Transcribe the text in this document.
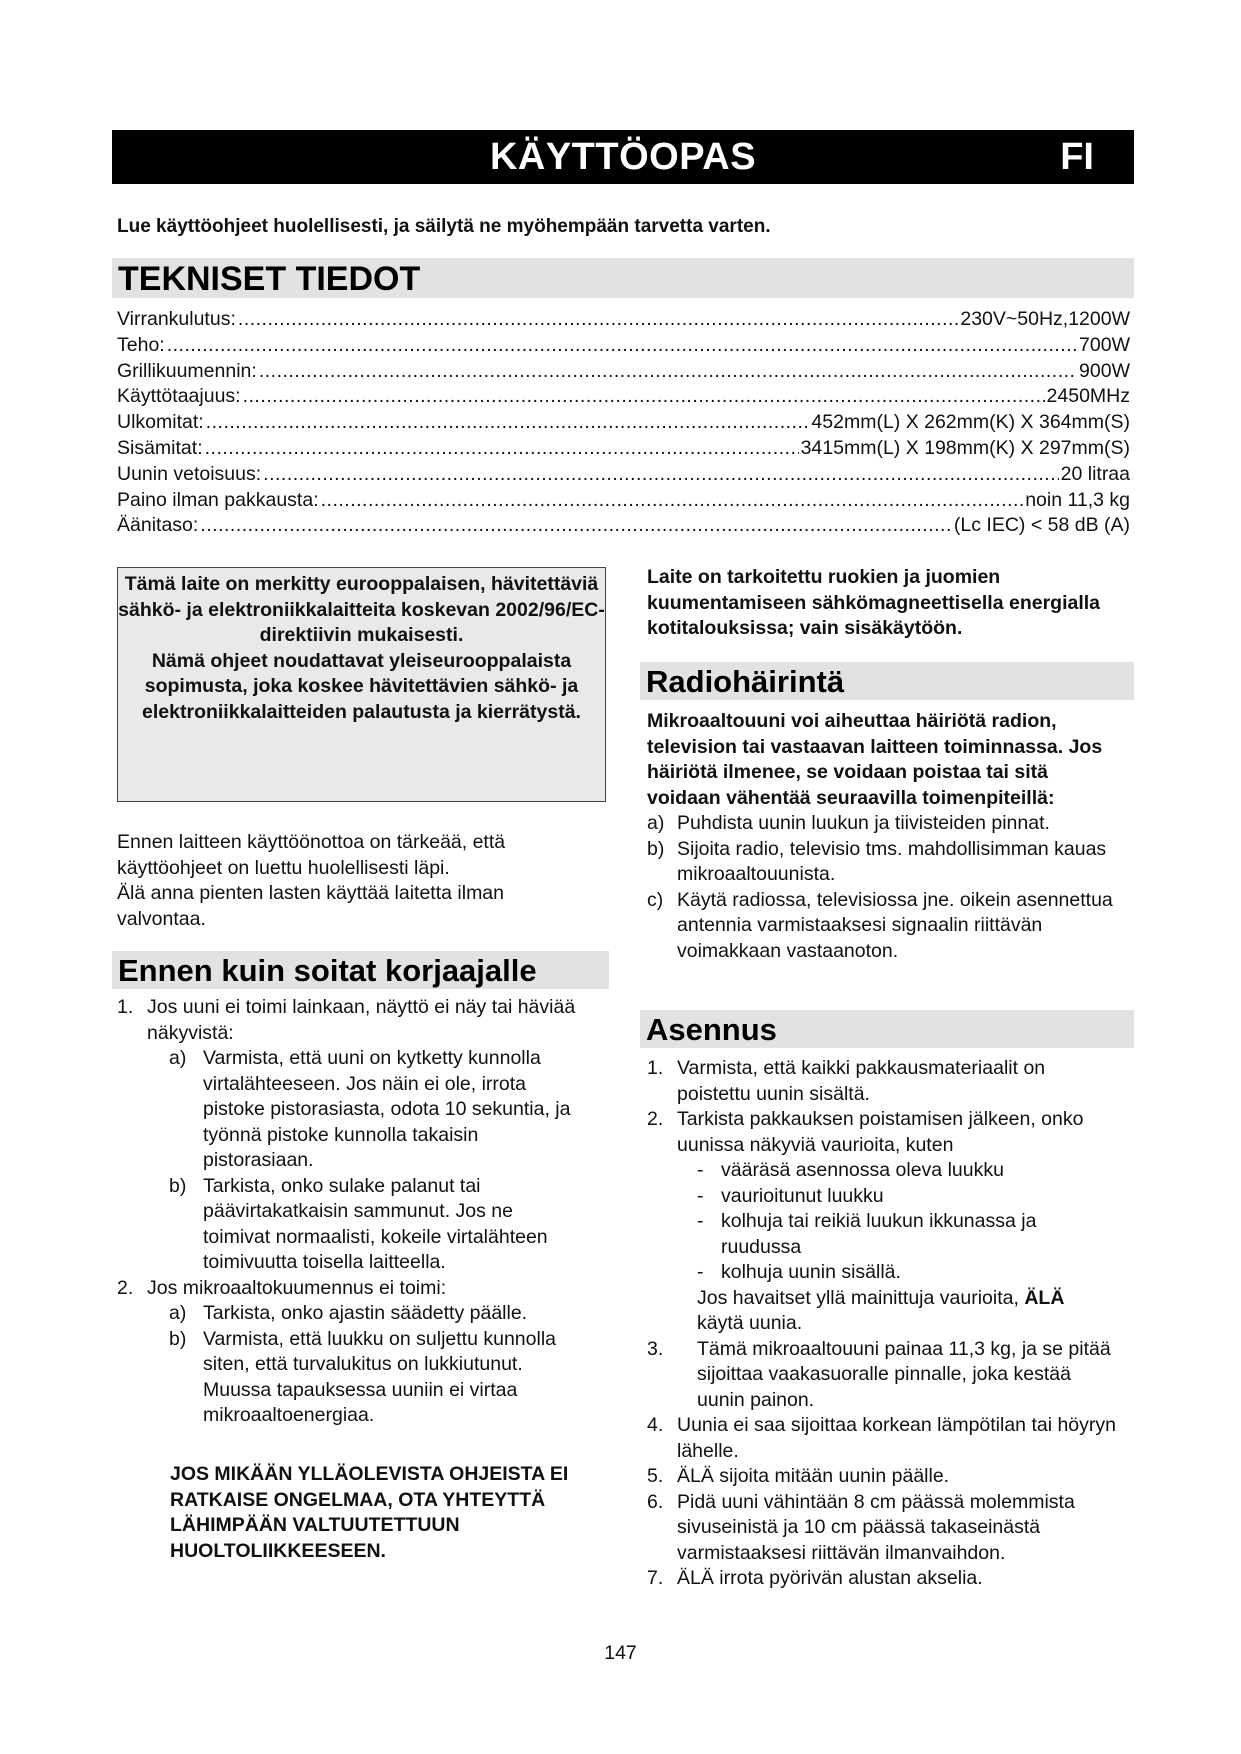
KÄYTTÖOPAS	FI
Lue käyttöohjeet huolellisesti, ja säilytä ne myöhempään tarvetta varten.
TEKNISET TIEDOT
Virrankulutus: .....	230V~50Hz,1200W
Teho: .....	700W
Grillikuumennin: .....	900W
Käyttötaajuus: .....	2450MHz
Ulkomitat: .....	452mm(L) X 262mm(K) X 364mm(S)
Sisämitat: .....	3415mm(L) X 198mm(K) X 297mm(S)
Uunin vetoisuus: .....	20 litraa
Paino ilman pakkausta: .....	noin 11,3 kg
Äänitaso: .....	(Lc IEC) < 58 dB (A)

Tämä laite on merkitty eurooppalaisen, hävitettäviä sähkö- ja elektroniikkalaitteita koskevan 2002/96/EC-direktiivin mukaisesti.

Nämä ohjeet noudattavat yleiseurooppalaista sopimusta, joka koskee hävitettävien sähkö- ja elektroniikkalaitteiden palautusta ja kierrätystä.

Ennen laitteen käyttöönottoa on tärkeää, että käyttöohjeet on luettu huolellisesti läpi.
Älä anna pienten lasten käyttää laitetta ilman valvontaa.
Ennen kuin soitat korjaajalle
1. Jos uuni ei toimi lainkaan, näyttö ei näy tai häviää näkyvistä:
a) Varmista, että uuni on kytketty kunnolla virtalähteeseen. Jos näin ei ole, irrota pistoke pistorasiasta, odota 10 sekuntia, ja työnnä pistoke kunnolla takaisin pistorasiaan.
b) Tarkista, onko sulake palanut tai päävirtakatkaisin sammunut. Jos ne toimivat normaalisti, kokeile virtalähteen toimivuutta toisella laitteella.
2. Jos mikroaaltokuumennus ei toimi:
a) Tarkista, onko ajastin säädetty päälle.
b) Varmista, että luukku on suljettu kunnolla siten, että turvalukitus on lukkiutunut. Muussa tapauksessa uuniin ei virtaa mikroaaltoenergiaa.
JOS MIKÄÄN YLLÄOLEVISTA OHJEISTA EI RATKAISE ONGELMAA, OTA YHTEYTTÄ LÄHIMPÄÄN VALTUUTETTUUN HUOLTOLIIKKEESEEN.
Laite on tarkoitettu ruokien ja juomien kuumentamiseen sähkömagneettisella energialla kotitalouksissa; vain sisäkäytöön.
Radiohäirintä
Mikroaaltouuni voi aiheuttaa häiriötä radion, television tai vastaavan laitteen toiminnassa. Jos häiriötä ilmenee, se voidaan poistaa tai sitä voidaan vähentää seuraavilla toimenpiteillä:
a) Puhdista uunin luukun ja tiivisteiden pinnat.
b) Sijoita radio, televisio tms. mahdollisimman kauas mikroaaltouunista.
c) Käytä radiossa, televisiossa jne. oikein asennettua antennia varmistaaksesi signaalin riittävän voimakkaan vastaanoton.
Asennus
1. Varmista, että kaikki pakkausmateriaalit on poistettu uunin sisältä.
2. Tarkista pakkauksen poistamisen jälkeen, onko uunissa näkyviä vaurioita, kuten
- vääräsä asennossa oleva luukku
- vaurioitunut luukku
- kolhuja tai reikiä luukun ikkunassa ja ruudussa
- kolhuja uunin sisällä.
Jos havaitset yllä mainittuja vaurioita, ÄLÄ käytä uunia.
3.	Tämä mikroaaltouuni painaa 11,3 kg, ja se pitää sijoittaa vaakasuoralle pinnalle, joka kestää uunin painon.
4. Uunia ei saa sijoittaa korkean lämpötilan tai höyryn lähelle.
5. ÄLÄ sijoita mitään uunin päälle.
6. Pidä uuni vähintään 8 cm päässä molemmista sivuseinistä ja 10 cm päässä takaseinästä varmistaaksesi riittävän ilmanvaihdon.
7. ÄLÄ irrota pyörivän alustan akselia.
147
